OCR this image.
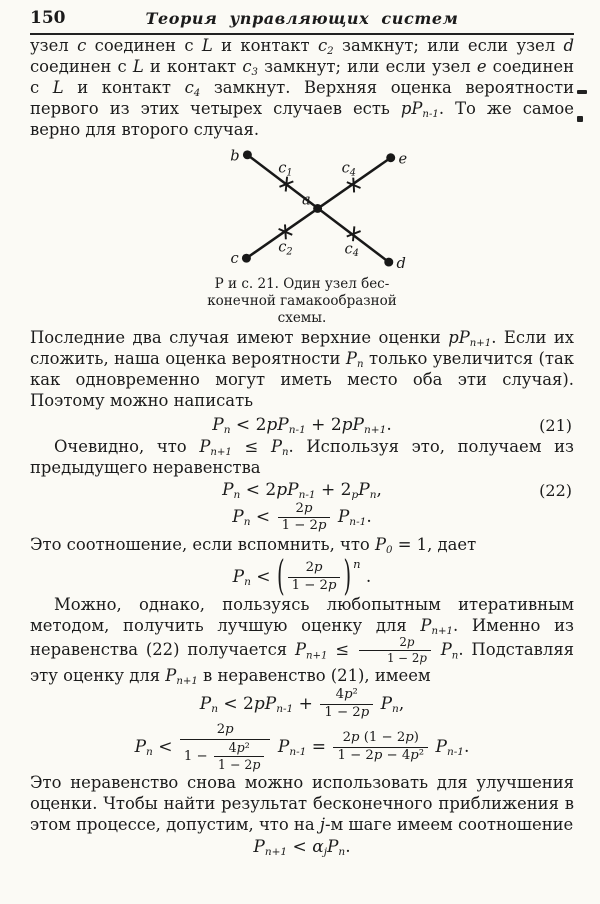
150	Теория управляющих систем

узел c соединен с L и контакт $c_2$ замкнут; или если узел d соединен с L и контакт $c_3$ замкнут; или если узел e соединен с L и контакт $c_4$ замкнут. Верхняя оценка вероятности первого из этих четырех случаев есть $pP_{n-1}$. То же самое верно для второго случая.

b	e
c	d
a
$c_1$	$c_4$
$c_2$	$c_4$
Р и с. 21. Один узел бес-
конечной гамакообразной
схемы.

Последние два случая имеют верхние оценки $pP_{n+1}$. Если их сложить, наша оценка вероятности $P_n$ только увеличится (так как одновременно могут иметь место оба эти случая). Поэтому можно написать

$P_n < 2pP_{n-1} + 2pP_{n+1}$.	(21)

Очевидно, что $P_{n+1} \le P_n$. Используя это, получаем из предыдущего неравенства

$P_n < 2pP_{n-1} + 2_pP_n$,	(22)
$P_n < \frac{2p}{1 - 2p} P_{n-1}$.

Это соотношение, если вспомнить, что $P_0 = 1$, дает

$P_n$ < ( $\frac{2p}{1 - 2p}$ ) $^n$ .

Можно, однако, пользуясь любопытным итеративным методом, получить лучшую оценку для $P_{n+1}$. Именно из неравенства (22) получается $P_{n+1} \le \frac{2p}{1 - 2p} P_n$. Подставляя эту оценку для $P_{n+1}$ в неравенство (21), имеем

$P_n < 2pP_{n-1} + \frac{\text{4p²}}{1 - 2p} P_n$,
$P_n < \frac{2p}{1 - \frac{\text{4p²}}{1 - 2p}} P_{n-1} = \frac{2p (1 - 2p)}{\text{1 − 2p − 4p²}} P_{n-1}$.

Это неравенство снова можно использовать для улучшения оценки. Чтобы найти результат бесконечного приближения в этом процессе, допустим, что на j-м шаге имеем соотношение

$P_{n+1} < \alpha_jP_n$.
